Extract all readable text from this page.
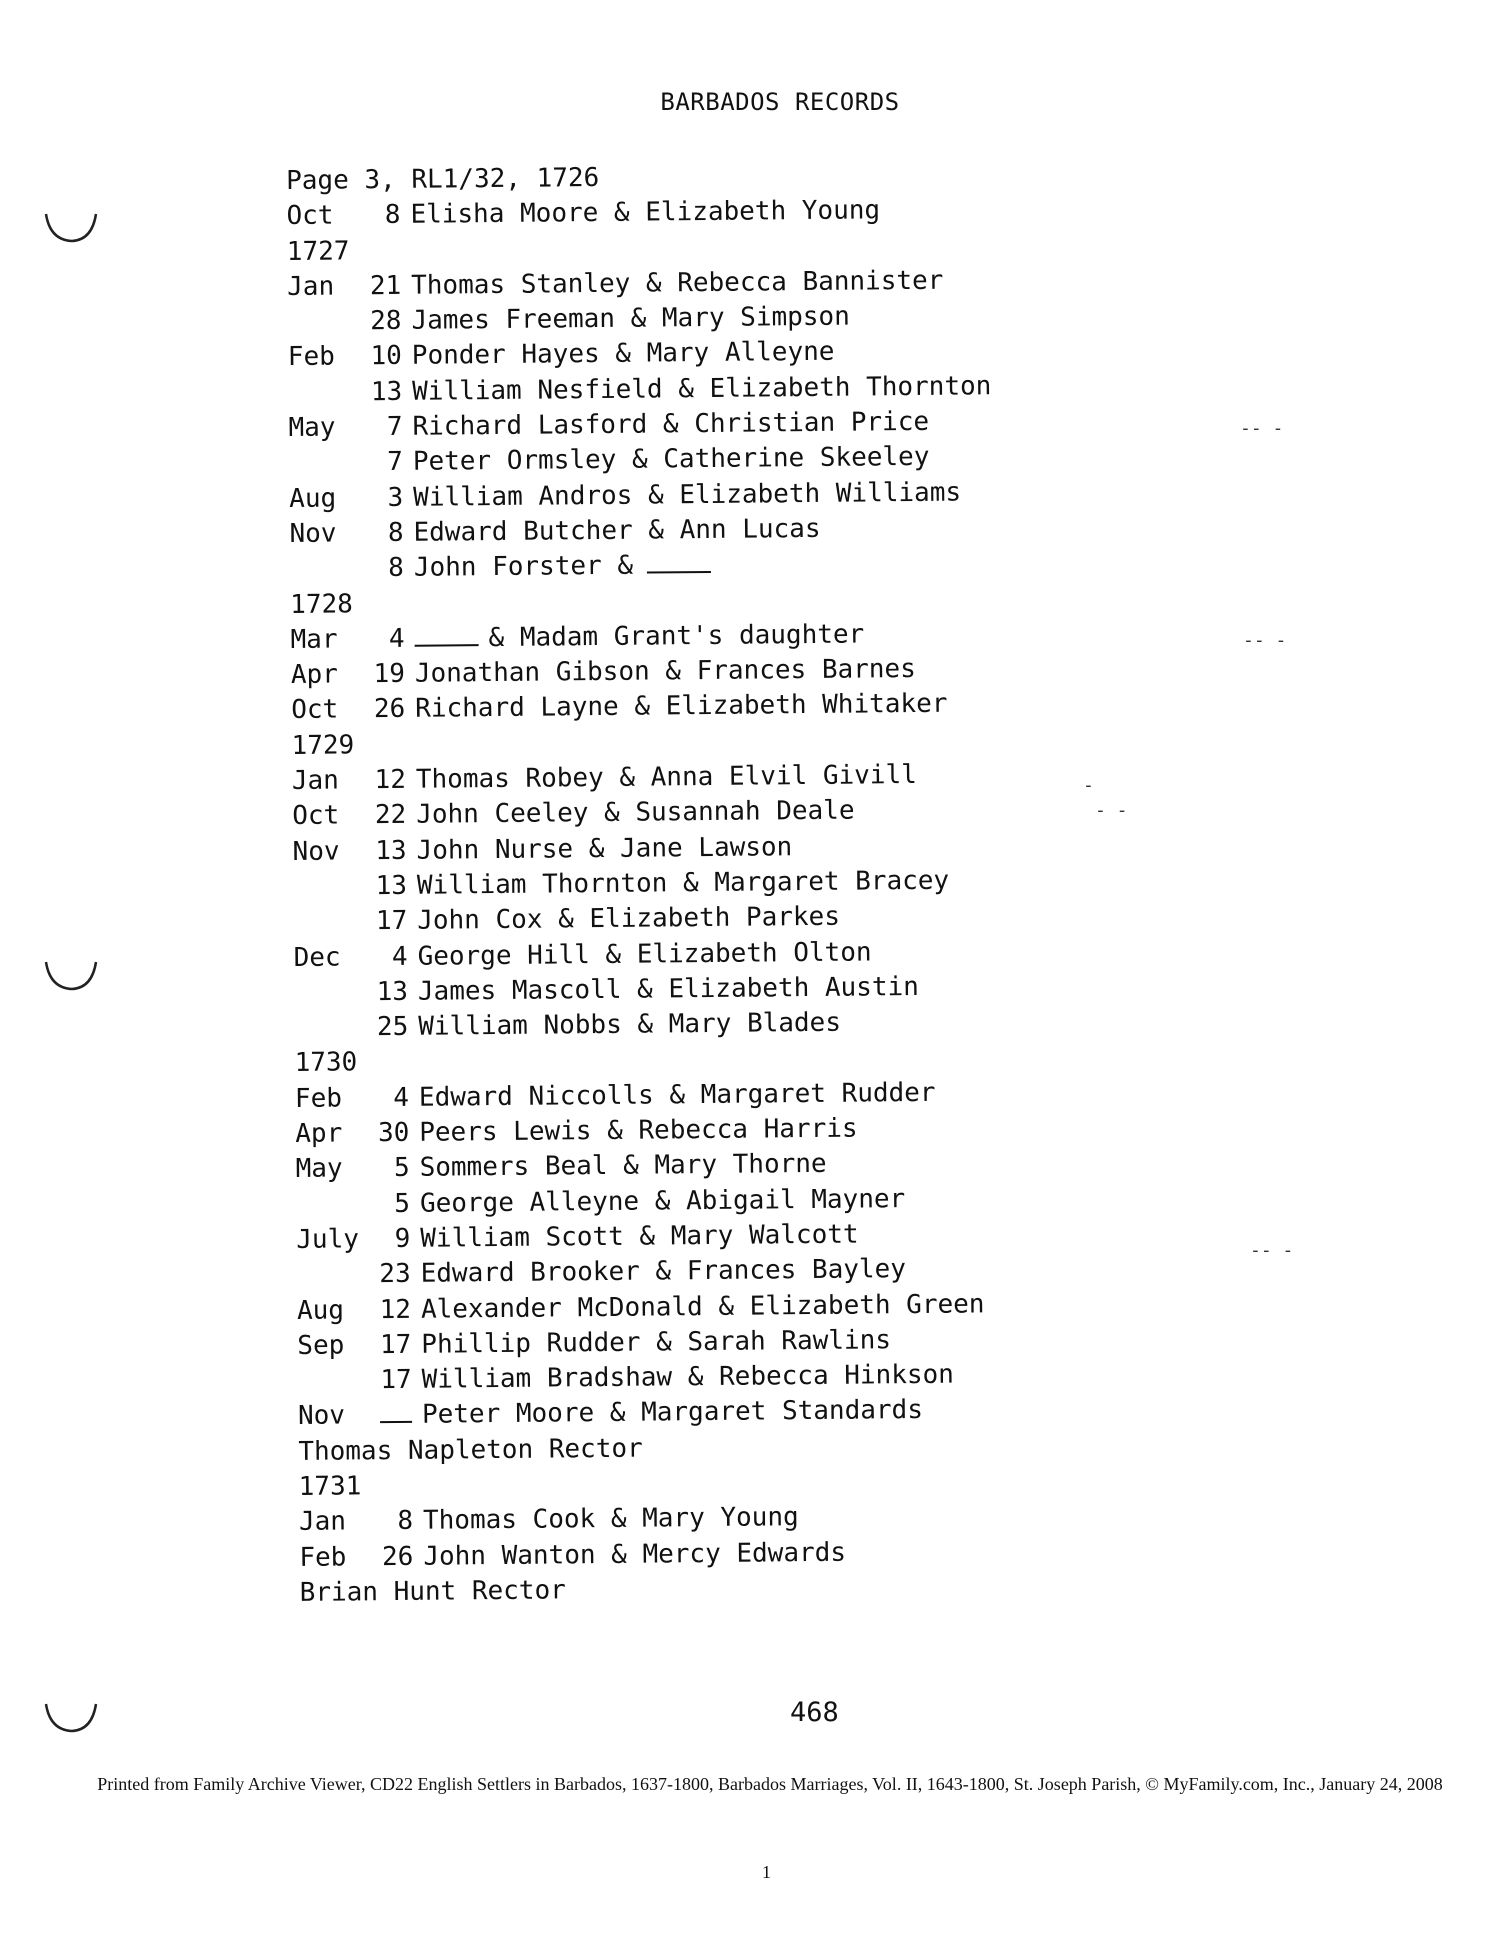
BARBADOS RECORDS
Page 3, RL1/32, 1726
Oct 8 Elisha Moore & Elizabeth Young
1727
Jan 21 Thomas Stanley & Rebecca Bannister
28 James Freeman & Mary Simpson
Feb 10 Ponder Hayes & Mary Alleyne
13 William Nesfield & Elizabeth Thornton
May 7 Richard Lasford & Christian Price
7 Peter Ormsley & Catherine Skeeley
Aug 3 William Andros & Elizabeth Williams
Nov 8 Edward Butcher & Ann Lucas
8 John Forster &
1728
Mar 4	& Madam Grant's daughter
Apr 19 Jonathan Gibson & Frances Barnes
Oct 26 Richard Layne & Elizabeth Whitaker
1729
Jan 12 Thomas Robey & Anna Elvil Givill
Oct 22 John Ceeley & Susannah Deale
Nov 13 John Nurse & Jane Lawson
13 William Thornton & Margaret Bracey
17 John Cox & Elizabeth Parkes
Dec 4 George Hill & Elizabeth Olton
13 James Mascoll & Elizabeth Austin
25 William Nobbs & Mary Blades
1730
Feb 4 Edward Niccolls & Margaret Rudder
Apr 30 Peers Lewis & Rebecca Harris
May 5 Sommers Beal & Mary Thorne
5 George Alleyne & Abigail Mayner
July 9 William Scott & Mary Walcott
23 Edward Brooker & Frances Bayley
Aug 12 Alexander McDonald & Elizabeth Green
Sep 17 Phillip Rudder & Sarah Rawlins
17 William Bradshaw & Rebecca Hinkson
Nov	Peter Moore & Margaret Standards
Thomas Napleton Rector
1731
Jan 8 Thomas Cook & Mary Young
Feb 26 John Wanton & Mercy Edwards
Brian Hunt Rector
468
Printed from Family Archive Viewer, CD22 English Settlers in Barbados, 1637-1800, Barbados Marriages, Vol. II, 1643-1800, St. Joseph Parish, © MyFamily.com, Inc., January 24, 2008
1
-- -
-- -
-
- -
-- -
